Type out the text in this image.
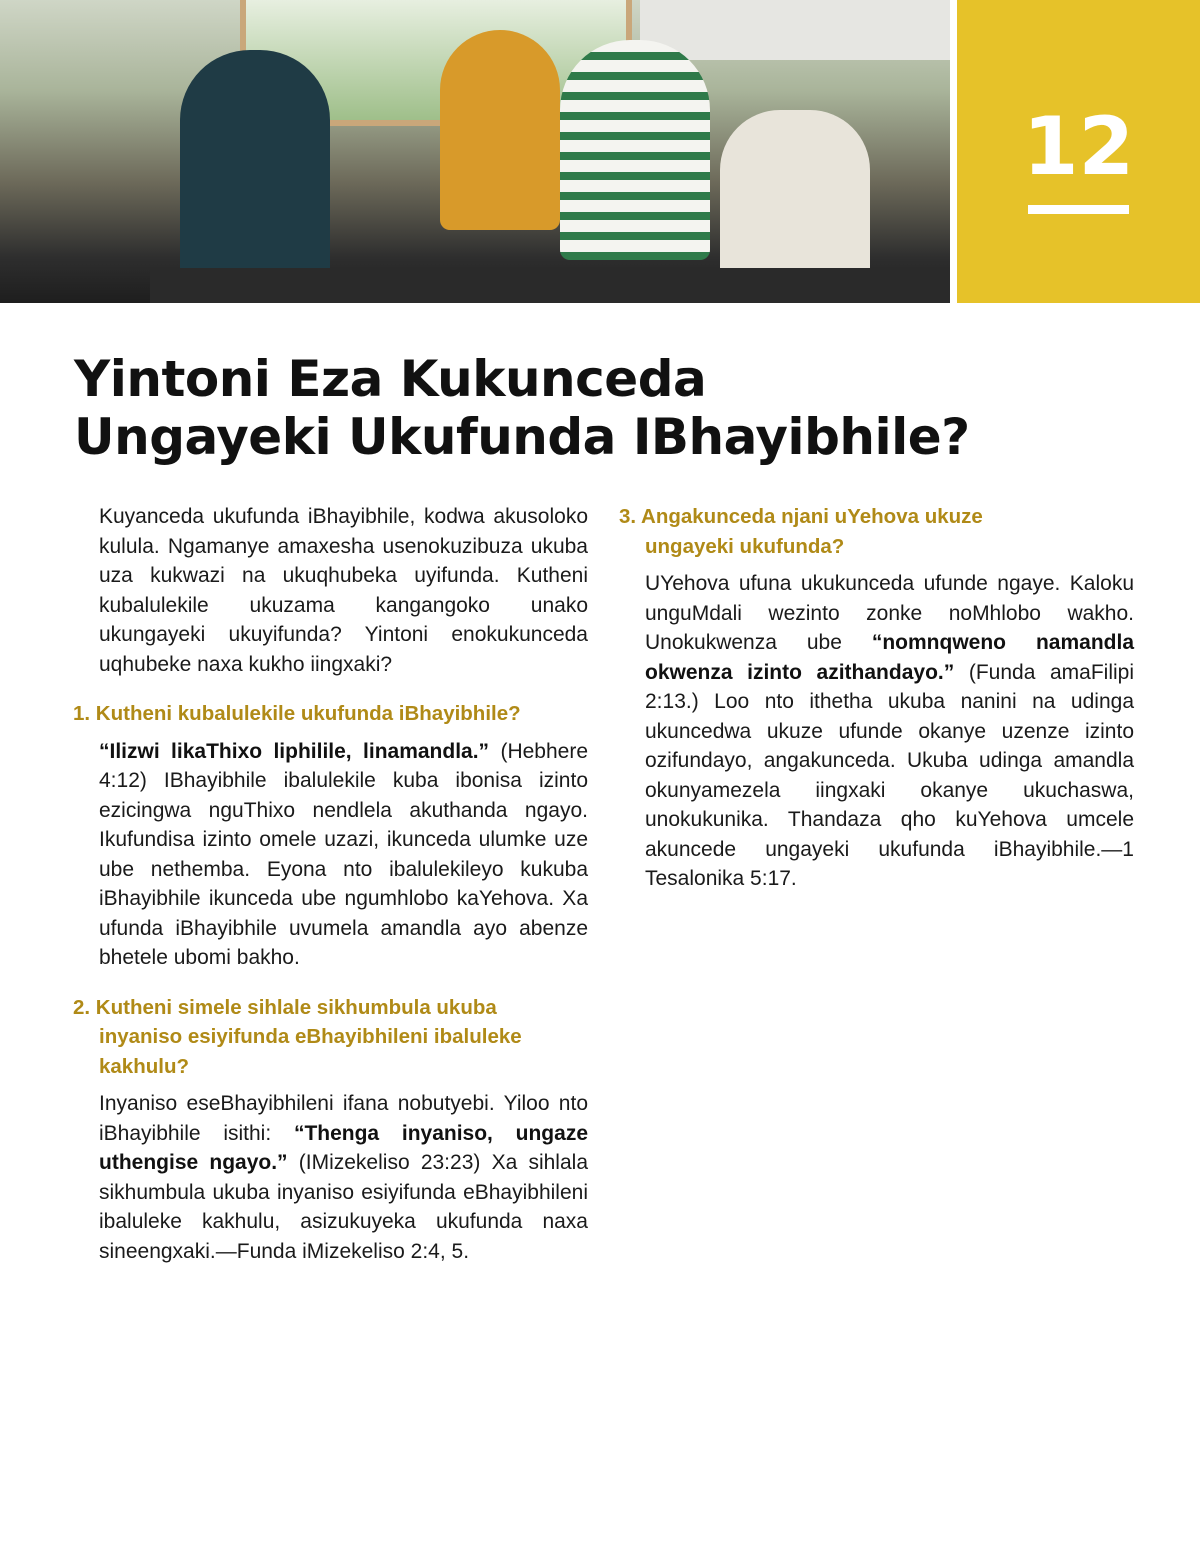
12
Yintoni Eza Kukunceda
Ungayeki Ukufunda IBhayibhile?

Kuyanceda ukufunda iBhayibhile, kodwa akusoloko kulula. Ngamanye amaxesha usenokuzibuza ukuba uza kukwazi na ukuqhubeka uyifunda. Kutheni kubalulekile ukuzama kangangoko unako ukungayeki ukuyifunda? Yintoni enokukunceda uqhubeke naxa kukho iingxaki?

1. Kutheni kubalulekile ukufunda iBhayibhile?

“Ilizwi likaThixo liphilile, linamandla.” (Hebhere 4:12) IBhayibhile ibalulekile kuba ibonisa izinto ezicingwa nguThixo nendlela akuthanda ngayo. Ikufundisa izinto omele uzazi, ikunceda ulumke uze ube nethemba. Eyona nto ibalulekileyo kukuba iBhayibhile ikunceda ube ngumhlobo kaYehova. Xa ufunda iBhayibhile uvumela amandla ayo abenze bhetele ubomi bakho.

2. Kutheni simele sihlale sikhumbula ukuba inyaniso esiyifunda eBhayibhileni ibaluleke kakhulu?

Inyaniso eseBhayibhileni ifana nobutyebi. Yiloo nto iBhayibhile isithi: “Thenga inyaniso, ungaze uthengise ngayo.” (IMizekeliso 23:23) Xa sihlala sikhumbula ukuba inyaniso esiyifunda eBhayibhileni ibaluleke kakhulu, asizukuyeka ukufunda naxa sineengxaki.—Funda iMizekeliso 2:4, 5.

3. Angakunceda njani uYehova ukuze ungayeki ukufunda?

UYehova ufuna ukukunceda ufunde ngaye. Kaloku unguMdali wezinto zonke noMhlobo wakho. Unokukwenza ube “nomnqweno namandla okwenza izinto azithandayo.” (Funda amaFilipi 2:13.) Loo nto ithetha ukuba nanini na udinga ukuncedwa ukuze ufunde okanye uzenze izinto ozifundayo, angakunceda. Ukuba udinga amandla okunyamezela iingxaki okanye ukuchaswa, unokukunika. Thandaza qho kuYehova umcele akuncede ungayeki ukufunda iBhayibhile.—1 Tesalonika 5:17.
